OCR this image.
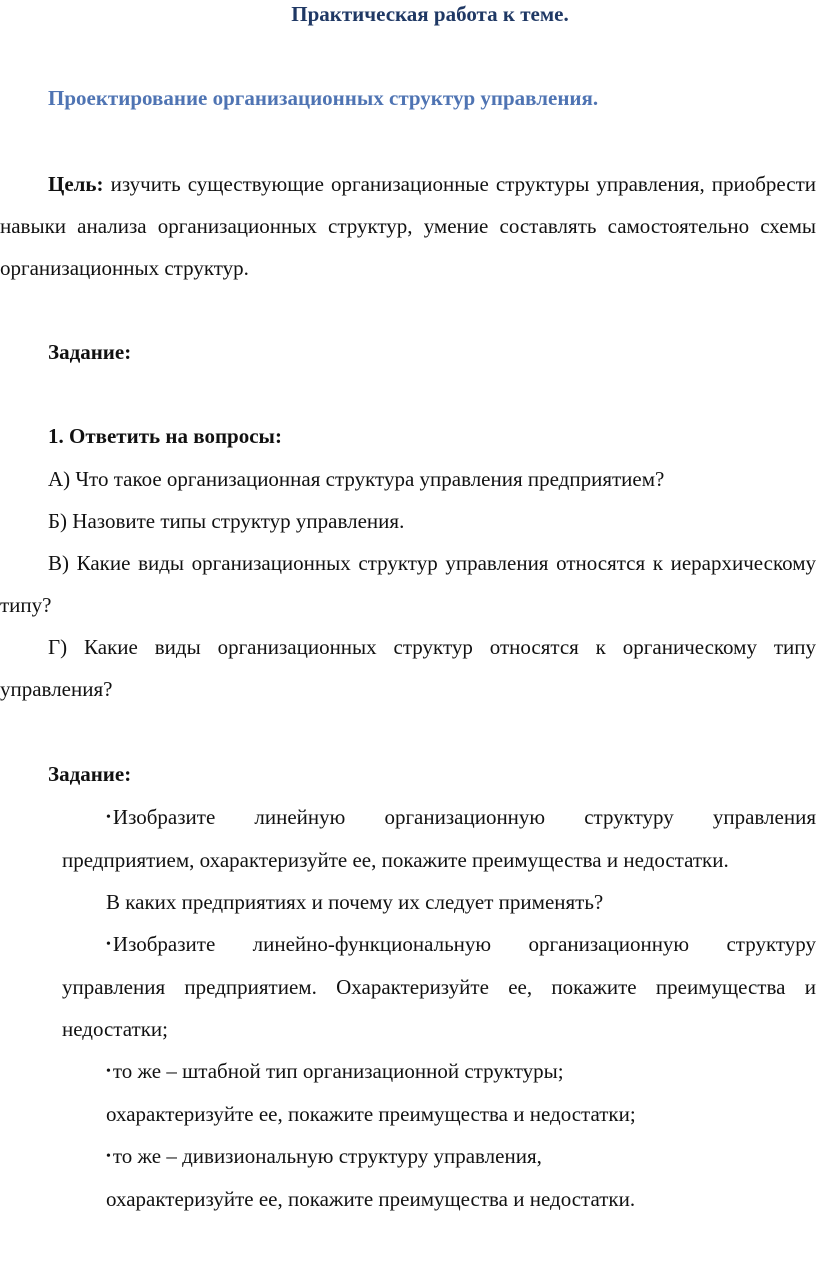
Практическая работа к теме.
Проектирование организационных структур управления.

Цель: изучить существующие организационные структуры управления, приобрести навыки анализа организационных структур, умение составлять самостоятельно схемы организационных структур.

Задание:
1. Ответить на вопросы:
А) Что такое организационная структура управления предприятием?
Б) Назовите типы структур управления.
В) Какие виды организационных структур управления относятся к иерархическому типу?
Г) Какие виды организационных структур относятся к органическому типу управления?
Задание:
•Изобразите линейную организационную структуру управления предприятием, охарактеризуйте ее, покажите преимущества и недостатки.
В каких предприятиях и почему их следует применять?
•Изобразите линейно-функциональную организационную структуру управления предприятием. Охарактеризуйте ее, покажите преимущества и недостатки;
•то же – штабной тип организационной структуры;
охарактеризуйте ее, покажите преимущества и недостатки;
•то же – дивизиональную структуру управления,
охарактеризуйте ее, покажите преимущества и недостатки.
